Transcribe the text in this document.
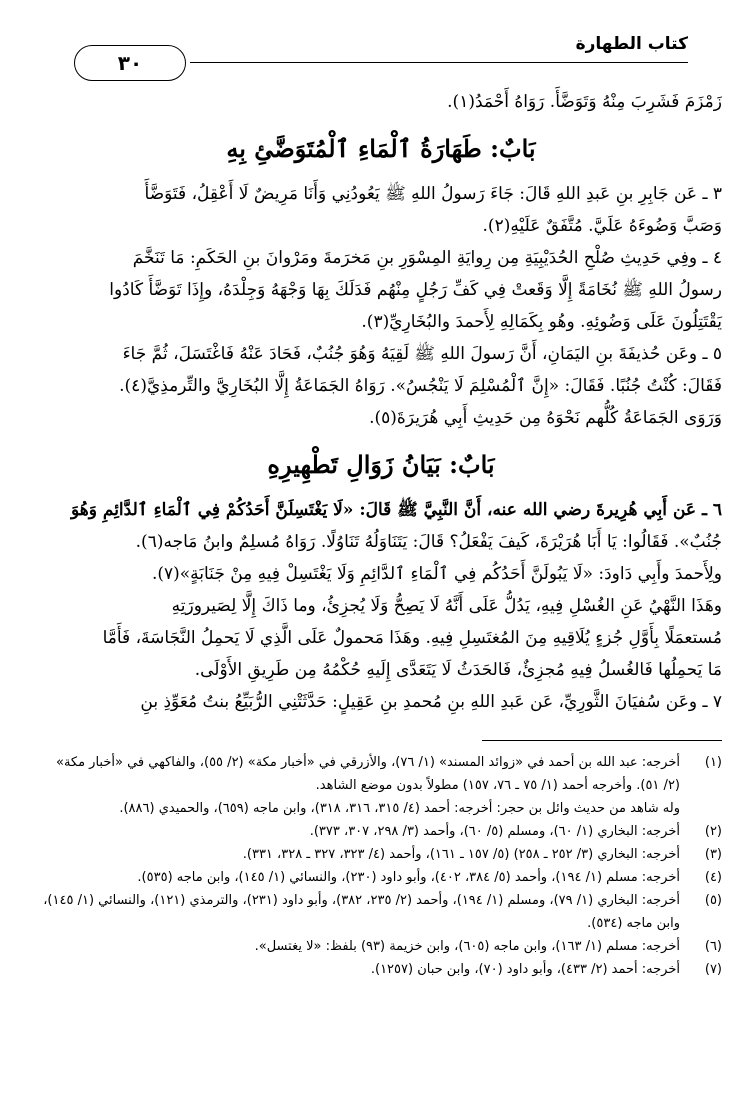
كتاب الطهارة
٣٠

زَمْزَمَ فَشَرِبَ مِنْهُ وَتَوَضَّأَ. رَوَاهُ أَحْمَدُ(١).

بَابٌ: طَهَارَةُ ٱلْمَاءِ ٱلْمُتَوَضَّئِ بِهِ

٣ ـ عَن جَابِرِ بنِ عَبدِ اللهِ قَالَ: جَاءَ رَسولُ اللهِ ﷺ يَعُودُنِي وَأَنَا مَرِيضٌ لَا أَعْقِلُ، فَتَوَضَّأَ

وَصَبَّ وَضُوءَهُ عَلَيَّ. مُتَّفَقٌ عَلَيْهِ(٢).

٤ ـ وفِي حَدِيثِ صُلْحِ الحُدَيْبِيَةِ مِن رِوايَةِ المِسْوَرِ بنِ مَخرَمةَ ومَرْوانَ بنِ الحَكَمِ: مَا تَنَخَّمَ

رسولُ اللهِ ﷺ نُخَامَةً إِلَّا وَقَعتْ فِي كَفِّ رَجُلٍ مِنْهُم فَدَلَكَ بِهَا وَجْهَهُ وَجِلْدَهُ، وإِذَا تَوَضَّأَ كَادُوا

يَقْتَتِلُونَ عَلَى وَضُوئِهِ. وهُو بِكَمَالِهِ لِأَحمدَ والبُخَارِيِّ(٣).

٥ ـ وعَن حُذيفَةَ بنِ اليَمَانِ، أَنَّ رَسولَ اللهِ ﷺ لَقِيَهُ وَهُوَ جُنُبٌ، فَحَادَ عَنْهُ فَاغْتَسَلَ، ثُمَّ جَاءَ

فَقَالَ: كُنْتُ جُنُبًا. فَقَالَ: «إِنَّ ٱلْمُسْلِمَ لَا يَنْجُسُ». رَوَاهُ الجَمَاعَةُ إِلَّا البُخَارِيَّ والتِّرمذِيَّ(٤).

وَرَوَى الجَمَاعَةُ كُلُّهم نَحْوَهُ مِن حَدِيثِ أَبِي هُرَيرَةَ(٥).

بَابٌ: بَيَانُ زَوَالِ تَطْهِيرِهِ

٦ ـ عَن أَبِي هُرِيرةَ رضي الله عنه، أَنَّ النَّبِيَّ ﷺ قَالَ: «لَا يَغْتَسِلَنَّ أَحَدُكُمْ فِي ٱلْمَاءِ ٱلدَّائِمِ وَهُوَ

جُنُبٌ». فَقَالُوا: يَا أَبَا هُرَيْرَةَ، كَيفَ يَفْعَلُ؟ قَالَ: يَتَنَاوَلُهُ تَنَاوُلًا. رَوَاهُ مُسلِمٌ وابنُ مَاجه(٦).

ولِأَحمدَ وأَبِي دَاودَ: «لَا يَبُولَنَّ أَحَدُكُم فِي ٱلْمَاءِ ٱلدَّائِمِ وَلَا يَغْتَسِلْ فِيهِ مِنْ جَنَابَةٍ»(٧).

وهَذَا النَّهْيُ عَنِ الغُسْلِ فِيهِ، يَدُلُّ عَلَى أَنَّهُ لَا يَصِحُّ وَلَا يُجزِئُ، وما ذَاكَ إِلَّا لِصَيرورَتِهِ

مُستعمَلًا بِأَوَّلِ جُزءٍ يُلَاقِيهِ مِنَ المُغتَسِلِ فِيهِ. وهَذَا مَحمولٌ عَلَى الَّذِي لَا يَحمِلُ النَّجَاسَةَ، فَأَمَّا

مَا يَحمِلُها فَالغُسلُ فِيهِ مُجزِئٌ، فَالحَدَثُ لَا يَتَعَدَّى إِلَيهِ حُكْمُهُ مِن طَرِيقِ الأَوْلَى.

٧ ـ وعَن سُفيَانَ الثَّورِيِّ، عَن عَبدِ اللهِ بنِ مُحمدِ بنِ عَقِيلٍ: حَدَّثَتْنِي الرُّبَيِّعُ بنتُ مُعَوِّذِ بنِ

(١)
أخرجه: عبد الله بن أحمد في «زوائد المسند» (١/ ٧٦)، والأزرقي في «أخبار مكة» (٢/ ٥٥)، والفاكهي في «أخبار مكة» (٢/ ٥١). وأخرجه أحمد (١/ ٧٥ ـ ٧٦، ١٥٧) مطولاً بدون موضع الشاهد.
وله شاهد من حديث وائل بن حجر: أخرجه: أحمد (٤/ ٣١٥، ٣١٦، ٣١٨)، وابن ماجه (٦٥٩)، والحميدي (٨٨٦).
(٢)
أخرجه: البخاري (١/ ٦٠)، ومسلم (٥/ ٦٠)، وأحمد (٣/ ٢٩٨، ٣٠٧، ٣٧٣).
(٣)
أخرجه: البخاري (٣/ ٢٥٢ ـ ٢٥٨) (٥/ ١٥٧ ـ ١٦١)، وأحمد (٤/ ٣٢٣، ٣٢٧ ـ ٣٢٨، ٣٣١).
(٤)
أخرجه: مسلم (١/ ١٩٤)، وأحمد (٥/ ٣٨٤، ٤٠٢)، وأبو داود (٢٣٠)، والنسائي (١/ ١٤٥)، وابن ماجه (٥٣٥).
(٥)
أخرجه: البخاري (١/ ٧٩)، ومسلم (١/ ١٩٤)، وأحمد (٢/ ٢٣٥، ٣٨٢)، وأبو داود (٢٣١)، والترمذي (١٢١)، والنسائي (١/ ١٤٥)، وابن ماجه (٥٣٤).
(٦)
أخرجه: مسلم (١/ ١٦٣)، وابن ماجه (٦٠٥)، وابن خزيمة (٩٣) بلفظ: «لا يغتسل».
(٧)
أخرجه: أحمد (٢/ ٤٣٣)، وأبو داود (٧٠)، وابن حبان (١٢٥٧).
